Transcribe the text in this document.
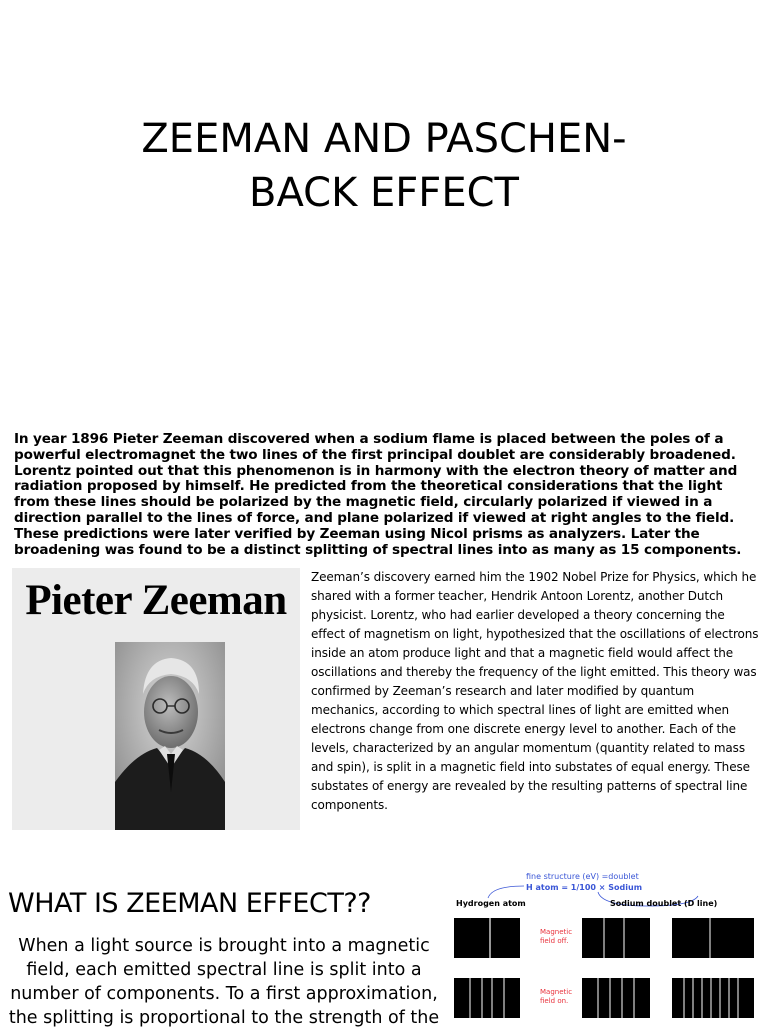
ZEEMAN AND PASCHEN-
BACK EFFECT

In year 1896 Pieter Zeeman discovered when a sodium flame is placed between the poles of a powerful electromagnet the two lines of the first principal doublet are considerably broadened. Lorentz pointed out that this phenomenon is in harmony with the electron theory of matter and radiation proposed by himself. He predicted from the theoretical considerations that the light from these lines should be polarized by the magnetic field, circularly polarized if viewed in a direction parallel to the lines of force, and plane polarized if viewed at right angles to the field. These predictions were later verified by Zeeman using Nicol prisms as analyzers. Later the broadening was found to be a distinct splitting of spectral lines into as many as 15 components.

Pieter Zeeman	Zeeman’s discovery earned him the 1902 Nobel Prize for Physics, which he shared with a former teacher, Hendrik Antoon Lorentz, another Dutch physicist. Lorentz, who had earlier developed a theory concerning the effect of magnetism on light, hypothesized that the oscillations of electrons inside an atom produce light and that a magnetic field would affect the oscillations and thereby the frequency of the light emitted. This theory was confirmed by Zeeman’s research and later modified by quantum mechanics, according to which spectral lines of light are emitted when electrons change from one discrete energy level to another. Each of the levels, characterized by an angular momentum (quantity related to mass and spin), is split in a magnetic field into substates of equal energy. These substates of energy are revealed by the resulting patterns of spectral line components.

WHAT IS ZEEMAN EFFECT??

When a light source is brought into a magnetic field, each emitted spectral line is split into a number of components. To a first approximation, the splitting is proportional to the strength of the

fine structure (eV) =doublet
H atom = 1/100 × Sodium
Hydrogen atom	Sodium doublet (D line)
Magnetic
field off.
Magnetic
field on.
